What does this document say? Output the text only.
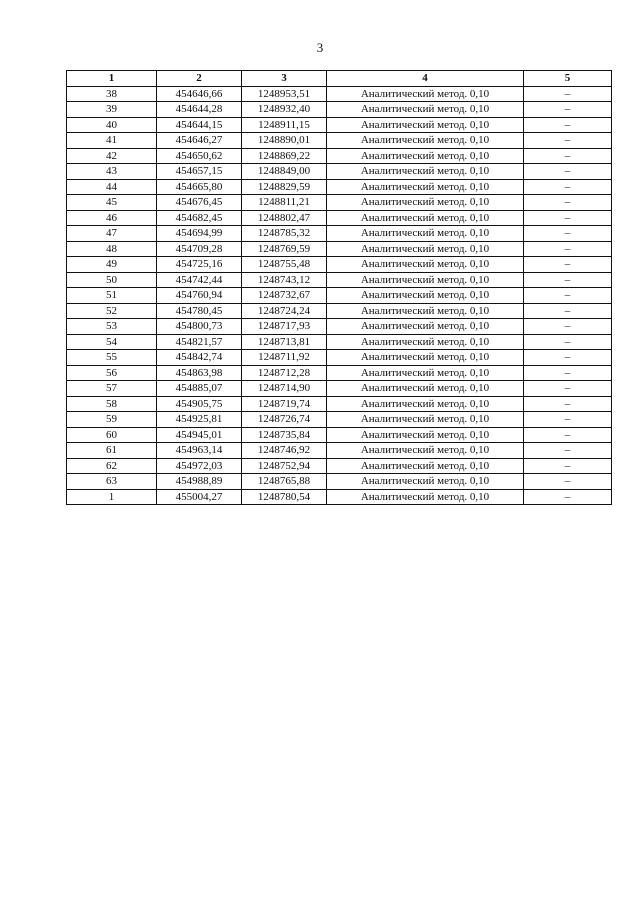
3
1	2	3	4	5
38	454646,66	1248953,51	Аналитический метод. 0,10	–
39	454644,28	1248932,40	Аналитический метод. 0,10	–
40	454644,15	1248911,15	Аналитический метод. 0,10	–
41	454646,27	1248890,01	Аналитический метод. 0,10	–
42	454650,62	1248869,22	Аналитический метод. 0,10	–
43	454657,15	1248849,00	Аналитический метод. 0,10	–
44	454665,80	1248829,59	Аналитический метод. 0,10	–
45	454676,45	1248811,21	Аналитический метод. 0,10	–
46	454682,45	1248802,47	Аналитический метод. 0,10	–
47	454694,99	1248785,32	Аналитический метод. 0,10	–
48	454709,28	1248769,59	Аналитический метод. 0,10	–
49	454725,16	1248755,48	Аналитический метод. 0,10	–
50	454742,44	1248743,12	Аналитический метод. 0,10	–
51	454760,94	1248732,67	Аналитический метод. 0,10	–
52	454780,45	1248724,24	Аналитический метод. 0,10	–
53	454800,73	1248717,93	Аналитический метод. 0,10	–
54	454821,57	1248713,81	Аналитический метод. 0,10	–
55	454842,74	1248711,92	Аналитический метод. 0,10	–
56	454863,98	1248712,28	Аналитический метод. 0,10	–
57	454885,07	1248714,90	Аналитический метод. 0,10	–
58	454905,75	1248719,74	Аналитический метод. 0,10	–
59	454925,81	1248726,74	Аналитический метод. 0,10	–
60	454945,01	1248735,84	Аналитический метод. 0,10	–
61	454963,14	1248746,92	Аналитический метод. 0,10	–
62	454972,03	1248752,94	Аналитический метод. 0,10	–
63	454988,89	1248765,88	Аналитический метод. 0,10	–
1	455004,27	1248780,54	Аналитический метод. 0,10	–
